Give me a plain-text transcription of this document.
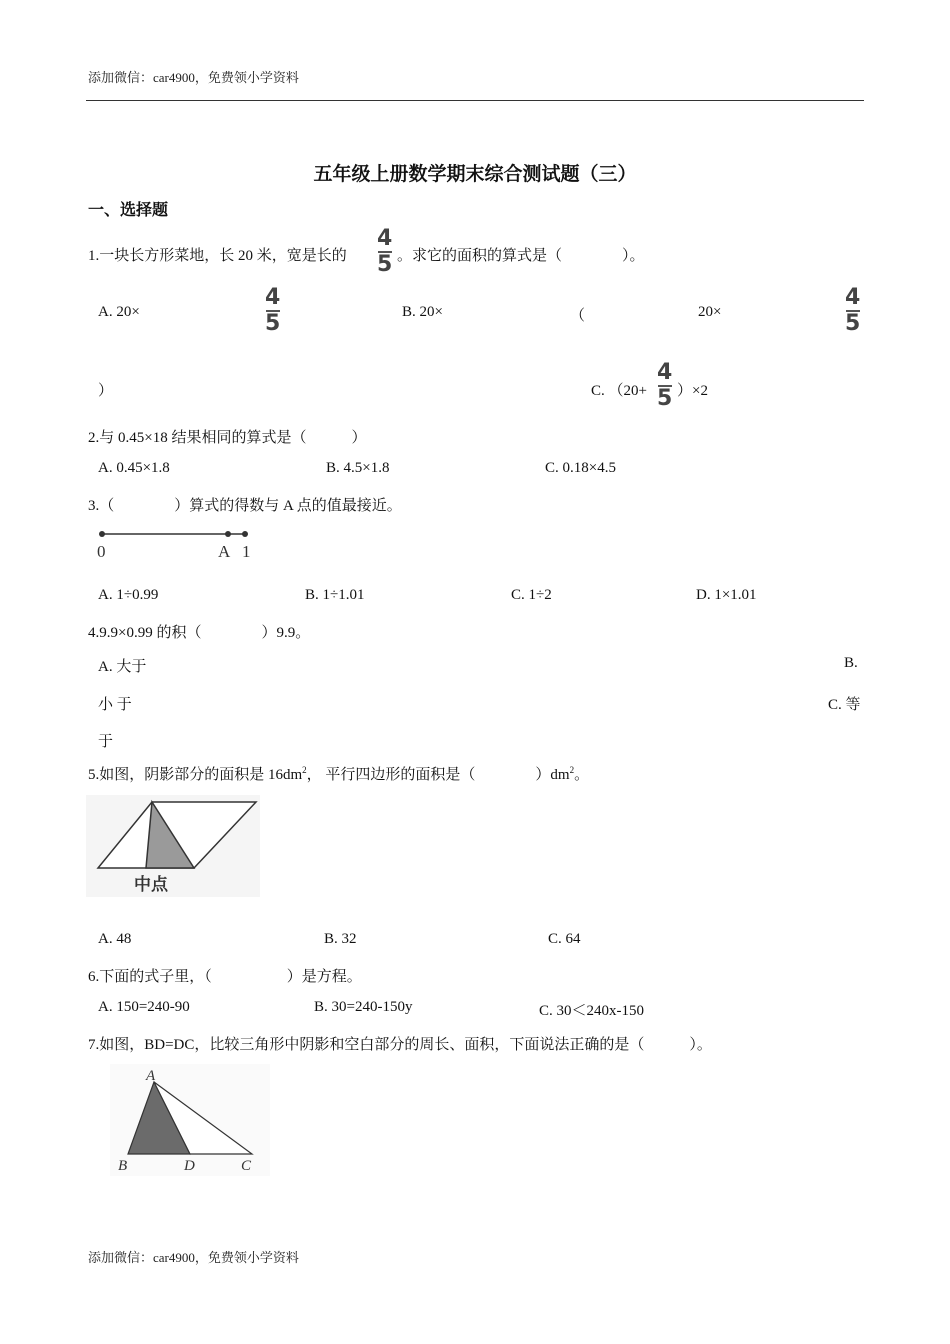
添加微信：car4900，免费领小学资料
五年级上册数学期末综合测试题（三）
一、选择题
1.一块长方形菜地，长 20 米，宽是长的
4
5 。求它的面积的算式是（　　　　）。
A. 20×
4
5	B. 20×	（	20×
4
5
）	C. （20+
4
5 ）×2
2.与 0.45×18 结果相同的算式是（　　　）
A. 0.45×1.8	B. 4.5×1.8	C. 0.18×4.5
3.（　　　　）算式的得数与 A 点的值最接近。
0	A 1
A. 1÷0.99	B. 1÷1.01	C. 1÷2	D. 1×1.01
4.9.9×0.99 的积（　　　　）9.9。
A. 大于	B.
小 于	C. 等
于
5.如图，阴影部分的面积是 $16dm^2$， 平行四边形的面积是（　　　　）$dm^2$。
中点
A. 48	B. 32	C. 64
6.下面的式子里，（　　　　　）是方程。
A. 150=240-90	B. 30=240-150y	C. 30＜240x-150
7.如图，BD=DC，比较三角形中阴影和空白部分的周长、面积，下面说法正确的是（　　　）。
A
B	D	C
添加微信：car4900，免费领小学资料
